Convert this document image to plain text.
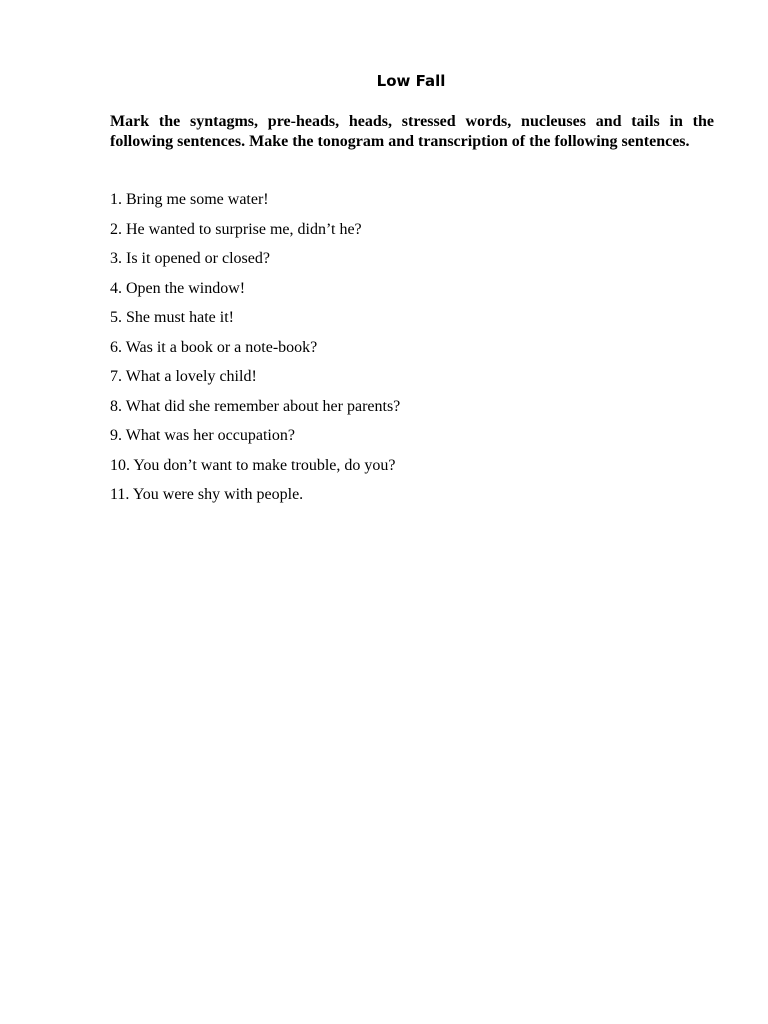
Low Fall
Mark the syntagms, pre-heads, heads, stressed words, nucleuses and tails in the following sentences. Make the tonogram and transcription of the following sentences.
1. Bring me some water!
2. He wanted to surprise me, didn’t he?
3. Is it opened or closed?
4. Open the window!
5. She must hate it!
6. Was it a book or a note-book?
7. What a lovely child!
8. What did she remember about her parents?
9. What was her occupation?
10. You don’t want to make trouble, do you?
11. You were shy with people.
